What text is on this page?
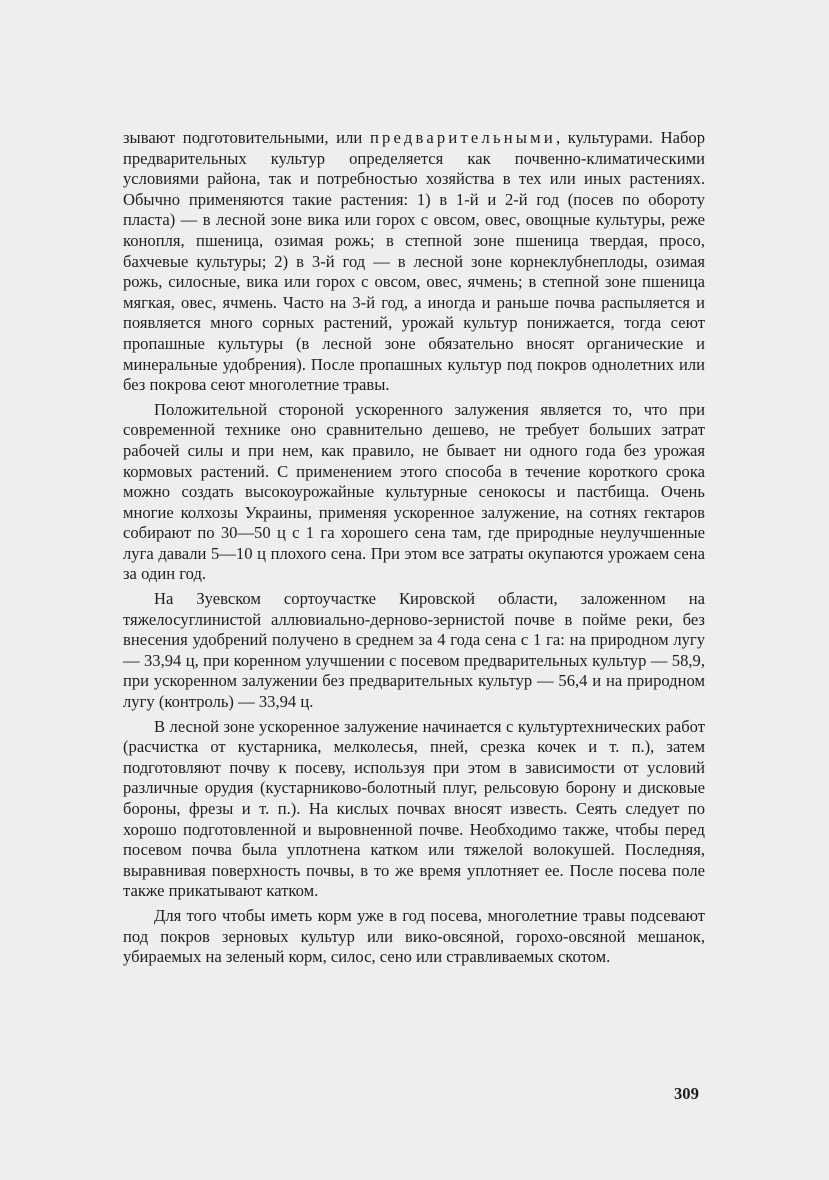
зывают подготовительными, или предварительными, культурами. Набор предварительных культур определяется как почвенно-климатическими условиями района, так и потребностью хозяйства в тех или иных растениях. Обычно применяются такие растения: 1) в 1-й и 2-й год (посев по обороту пласта) — в лесной зоне вика или горох с овсом, овес, овощные культуры, реже конопля, пшеница, озимая рожь; в степной зоне пшеница твердая, просо, бахчевые культуры; 2) в 3-й год — в лесной зоне корнеклубнеплоды, озимая рожь, силосные, вика или горох с овсом, овес, ячмень; в степной зоне пшеница мягкая, овес, ячмень. Часто на 3-й год, а иногда и раньше почва распыляется и появляется много сорных растений, урожай культур понижается, тогда сеют пропашные культуры (в лесной зоне обязательно вносят органические и минеральные удобрения). После пропашных культур под покров однолетних или без покрова сеют многолетние травы.

Положительной стороной ускоренного залужения является то, что при современной технике оно сравнительно дешево, не требует больших затрат рабочей силы и при нем, как правило, не бывает ни одного года без урожая кормовых растений. С применением этого способа в течение короткого срока можно создать высокоурожайные культурные сенокосы и пастбища. Очень многие колхозы Украины, применяя ускоренное залужение, на сотнях гектаров собирают по 30—50 ц с 1 га хорошего сена там, где природные неулучшенные луга давали 5—10 ц плохого сена. При этом все затраты окупаются урожаем сена за один год.

На Зуевском сортоучастке Кировской области, заложенном на тяжелосуглинистой аллювиально-дерново-зернистой почве в пойме реки, без внесения удобрений получено в среднем за 4 года сена с 1 га: на природном лугу — 33,94 ц, при коренном улучшении с посевом предварительных культур — 58,9, при ускоренном залужении без предварительных культур — 56,4 и на природном лугу (контроль) — 33,94 ц.

В лесной зоне ускоренное залужение начинается с культуртехнических работ (расчистка от кустарника, мелколесья, пней, срезка кочек и т. п.), затем подготовляют почву к посеву, используя при этом в зависимости от условий различные орудия (кустарниково-болотный плуг, рельсовую борону и дисковые бороны, фрезы и т. п.). На кислых почвах вносят известь. Сеять следует по хорошо подготовленной и выровненной почве. Необходимо также, чтобы перед посевом почва была уплотнена катком или тяжелой волокушей. Последняя, выравнивая поверхность почвы, в то же время уплотняет ее. После посева поле также прикатывают катком.

Для того чтобы иметь корм уже в год посева, многолетние травы подсевают под покров зерновых культур или вико-овсяной, горохо-овсяной мешанок, убираемых на зеленый корм, силос, сено или стравливаемых скотом.

309
